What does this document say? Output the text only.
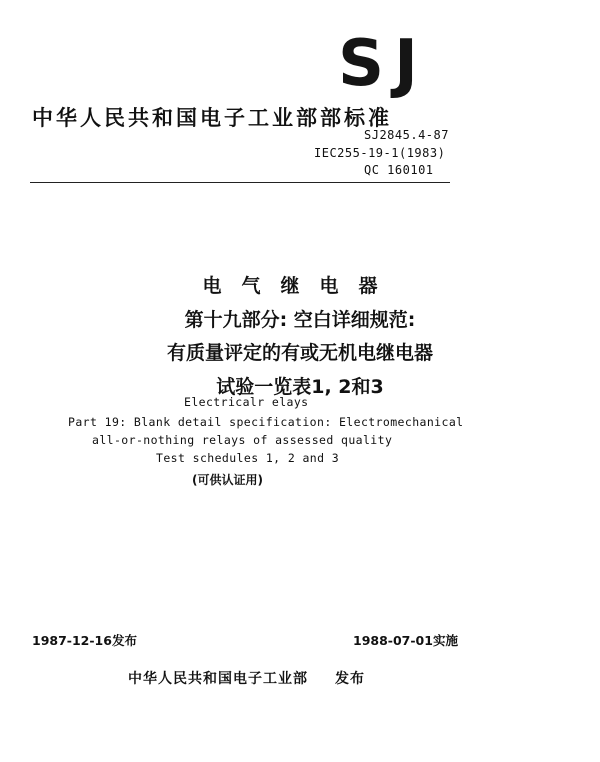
SJ
中华人民共和国电子工业部部标准
SJ2845.4-87
IEC255-19-1(1983)
QC 160101
电气继电器
第十九部分: 空白详细规范:
有质量评定的有或无机电继电器
试验一览表1, 2和3
Electricalr elays
Part 19: Blank detail specification: Electromechanical
all-or-nothing relays of assessed quality
Test schedules 1, 2 and 3
(可供认证用)
1987-12-16发布	1988-07-01实施
中华人民共和国电子工业部 发布
